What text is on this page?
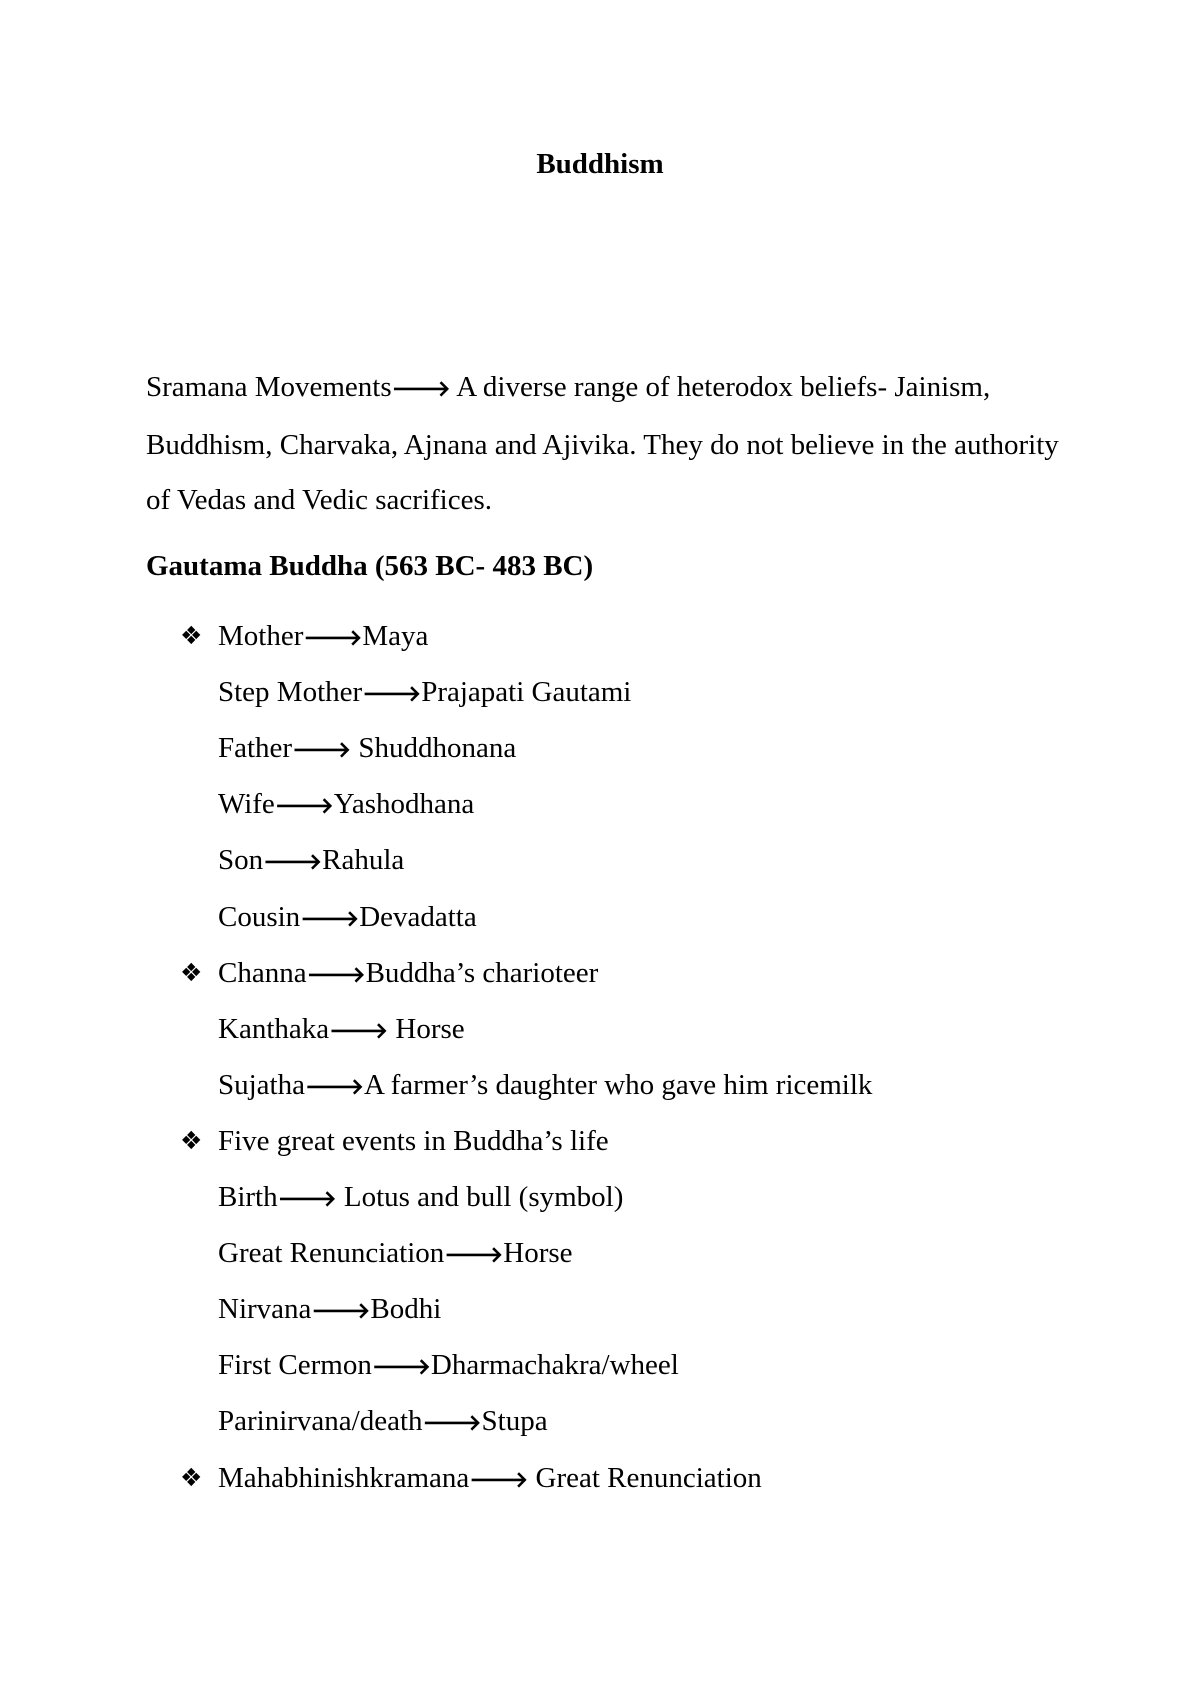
Buddhism

Sramana Movements🡒 A diverse range of heterodox beliefs- Jainism, Buddhism, Charvaka, Ajnana and Ajivika. They do not believe in the authority of Vedas and Vedic sacrifices.

Gautama Buddha (563 BC- 483 BC)

❖ Mother🡒Maya
Step Mother🡒Prajapati Gautami
Father🡒 Shuddhonana
Wife🡒Yashodhana
Son🡒Rahula
Cousin🡒Devadatta
❖ Channa🡒Buddha’s charioteer
Kanthaka🡒 Horse
Sujatha🡒A farmer’s daughter who gave him ricemilk
❖ Five great events in Buddha’s life
Birth🡒 Lotus and bull (symbol)
Great Renunciation🡒Horse
Nirvana🡒Bodhi
First Cermon🡒Dharmachakra/wheel
Parinirvana/death🡒Stupa
❖ Mahabhinishkramana🡒 Great Renunciation
